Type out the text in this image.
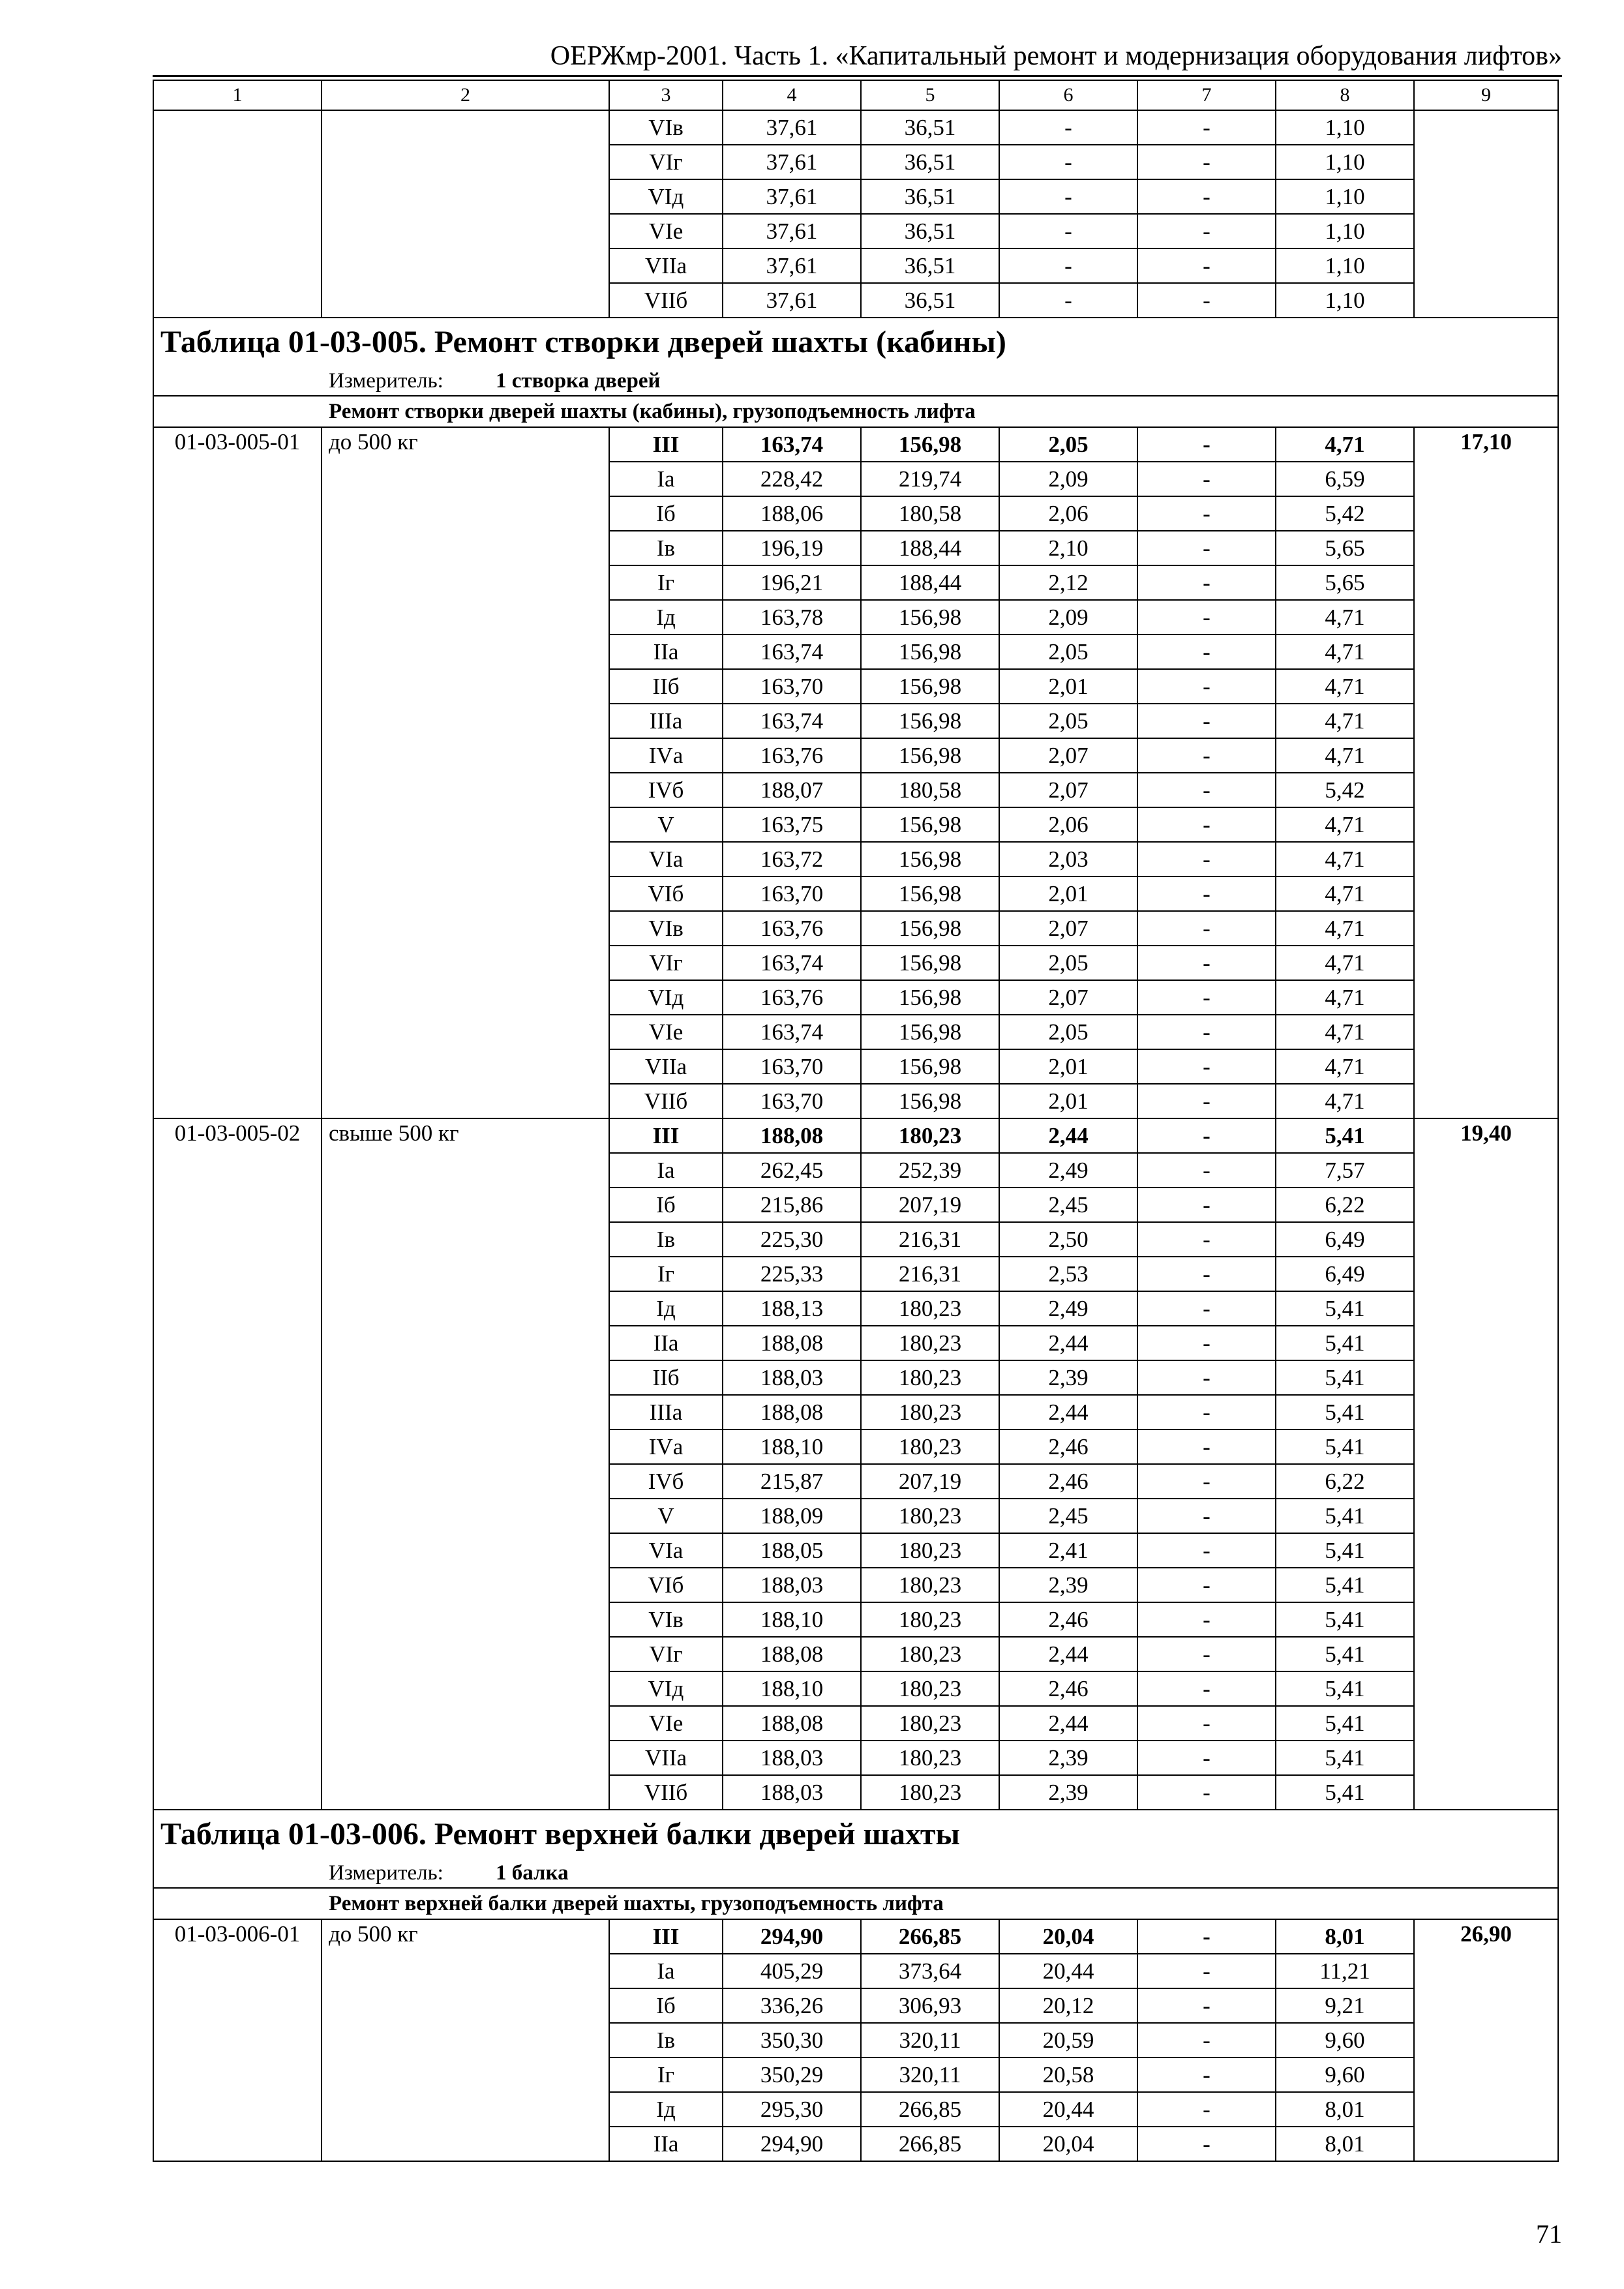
ОЕРЖмр-2001. Часть 1. «Капитальный ремонт и модернизация оборудования лифтов»
1	2	3	4	5	6	7	8	9
		VIв	37,61	36,51	-	-	1,10	
		VIг	37,61	36,51	-	-	1,10	
		VIд	37,61	36,51	-	-	1,10	
		VIе	37,61	36,51	-	-	1,10	
		VIIа	37,61	36,51	-	-	1,10	
		VIIб	37,61	36,51	-	-	1,10	
Таблица 01-03-005. Ремонт створки дверей шахты (кабины)								
Измеритель: 1 створка дверей								
Ремонт створки дверей шахты (кабины), грузоподъемность лифта								
01-03-005-01	до 500 кг	III	163,74	156,98	2,05	-	4,71	17,10
		Iа	228,42	219,74	2,09	-	6,59	
		Iб	188,06	180,58	2,06	-	5,42	
		Iв	196,19	188,44	2,10	-	5,65	
		Iг	196,21	188,44	2,12	-	5,65	
		Iд	163,78	156,98	2,09	-	4,71	
		IIа	163,74	156,98	2,05	-	4,71	
		IIб	163,70	156,98	2,01	-	4,71	
		IIIа	163,74	156,98	2,05	-	4,71	
		IVа	163,76	156,98	2,07	-	4,71	
		IVб	188,07	180,58	2,07	-	5,42	
		V	163,75	156,98	2,06	-	4,71	
		VIа	163,72	156,98	2,03	-	4,71	
		VIб	163,70	156,98	2,01	-	4,71	
		VIв	163,76	156,98	2,07	-	4,71	
		VIг	163,74	156,98	2,05	-	4,71	
		VIд	163,76	156,98	2,07	-	4,71	
		VIе	163,74	156,98	2,05	-	4,71	
		VIIа	163,70	156,98	2,01	-	4,71	
		VIIб	163,70	156,98	2,01	-	4,71	
01-03-005-02	свыше 500 кг	III	188,08	180,23	2,44	-	5,41	19,40
		Iа	262,45	252,39	2,49	-	7,57	
		Iб	215,86	207,19	2,45	-	6,22	
		Iв	225,30	216,31	2,50	-	6,49	
		Iг	225,33	216,31	2,53	-	6,49	
		Iд	188,13	180,23	2,49	-	5,41	
		IIа	188,08	180,23	2,44	-	5,41	
		IIб	188,03	180,23	2,39	-	5,41	
		IIIа	188,08	180,23	2,44	-	5,41	
		IVа	188,10	180,23	2,46	-	5,41	
		IVб	215,87	207,19	2,46	-	6,22	
		V	188,09	180,23	2,45	-	5,41	
		VIа	188,05	180,23	2,41	-	5,41	
		VIб	188,03	180,23	2,39	-	5,41	
		VIв	188,10	180,23	2,46	-	5,41	
		VIг	188,08	180,23	2,44	-	5,41	
		VIд	188,10	180,23	2,46	-	5,41	
		VIе	188,08	180,23	2,44	-	5,41	
		VIIа	188,03	180,23	2,39	-	5,41	
		VIIб	188,03	180,23	2,39	-	5,41	
Таблица 01-03-006. Ремонт верхней балки дверей шахты								
Измеритель: 1 балка								
Ремонт верхней балки дверей шахты, грузоподъемность лифта								
01-03-006-01	до 500 кг	III	294,90	266,85	20,04	-	8,01	26,90
		Iа	405,29	373,64	20,44	-	11,21	
		Iб	336,26	306,93	20,12	-	9,21	
		Iв	350,30	320,11	20,59	-	9,60	
		Iг	350,29	320,11	20,58	-	9,60	
		Iд	295,30	266,85	20,44	-	8,01	
		IIа	294,90	266,85	20,04	-	8,01	
71
